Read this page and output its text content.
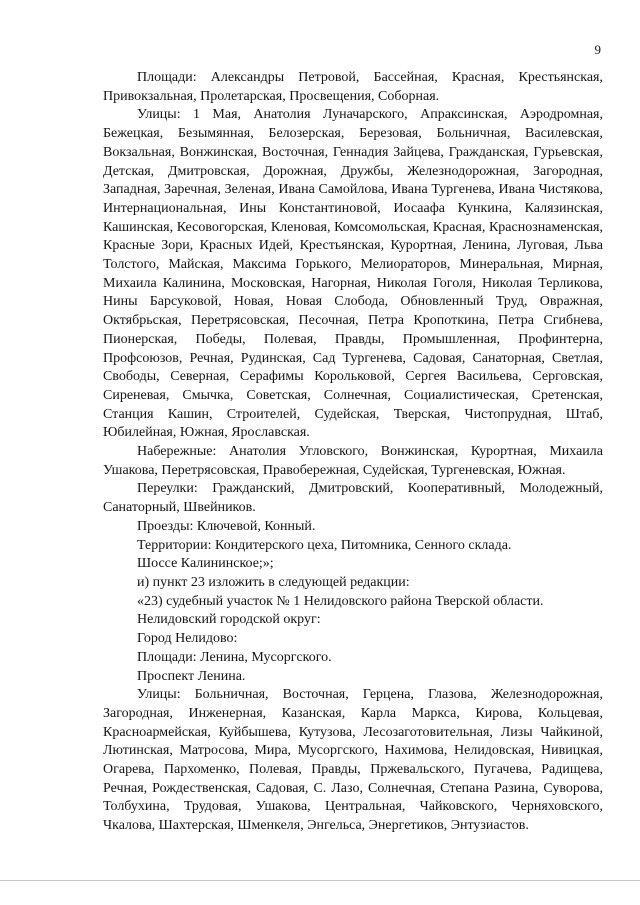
9

Площади: Александры Петровой, Бассейная, Красная, Крестьянская, Привокзальная, Пролетарская, Просвещения, Соборная.

Улицы: 1 Мая, Анатолия Луначарского, Апраксинская, Аэродромная, Бежецкая, Безымянная, Белозерская, Березовая, Больничная, Василевская, Вокзальная, Вонжинская, Восточная, Геннадия Зайцева, Гражданская, Гурьевская, Детская, Дмитровская, Дорожная, Дружбы, Железнодорожная, Загородная, Западная, Заречная, Зеленая, Ивана Самойлова, Ивана Тургенева, Ивана Чистякова, Интернациональная, Ины Константиновой, Иосаафа Кункина, Калязинская, Кашинская, Кесовогорская, Кленовая, Комсомольская, Красная, Краснознаменская, Красные Зори, Красных Идей, Крестьянская, Курортная, Ленина, Луговая, Льва Толстого, Майская, Максима Горького, Мелиораторов, Минеральная, Мирная, Михаила Калинина, Московская, Нагорная, Николая Гоголя, Николая Терликова, Нины Барсуковой, Новая, Новая Слобода, Обновленный Труд, Овражная, Октябрьская, Перетрясовская, Песочная, Петра Кропоткина, Петра Сгибнева, Пионерская, Победы, Полевая, Правды, Промышленная, Профинтерна, Профсоюзов, Речная, Рудинская, Сад Тургенева, Садовая, Санаторная, Светлая, Свободы, Северная, Серафимы Корольковой, Сергея Васильева, Серговская, Сиреневая, Смычка, Советская, Солнечная, Социалистическая, Сретенская, Станция Кашин, Строителей, Судейская, Тверская, Чистопрудная, Штаб, Юбилейная, Южная, Ярославская.

Набережные: Анатолия Угловского, Вонжинская, Курортная, Михаила Ушакова, Перетрясовская, Правобережная, Судейская, Тургеневская, Южная.

Переулки: Гражданский, Дмитровский, Кооперативный, Молодежный, Санаторный, Швейников.

Проезды: Ключевой, Конный.

Территории: Кондитерского цеха, Питомника, Сенного склада.

Шоссе Калининское;»;

и) пункт 23 изложить в следующей редакции:

«23) судебный участок № 1 Нелидовского района Тверской области.

Нелидовский городской округ:

Город Нелидово:

Площади: Ленина, Мусоргского.

Проспект Ленина.

Улицы: Больничная, Восточная, Герцена, Глазова, Железнодорожная, Загородная, Инженерная, Казанская, Карла Маркса, Кирова, Кольцевая, Красноармейская, Куйбышева, Кутузова, Лесозаготовительная, Лизы Чайкиной, Лютинская, Матросова, Мира, Мусоргского, Нахимова, Нелидовская, Нивицкая, Огарева, Пархоменко, Полевая, Правды, Пржевальского, Пугачева, Радищева, Речная, Рождественская, Садовая, С. Лазо, Солнечная, Степана Разина, Суворова, Толбухина, Трудовая, Ушакова, Центральная, Чайковского, Черняховского, Чкалова, Шахтерская, Шменкеля, Энгельса, Энергетиков, Энтузиастов.
